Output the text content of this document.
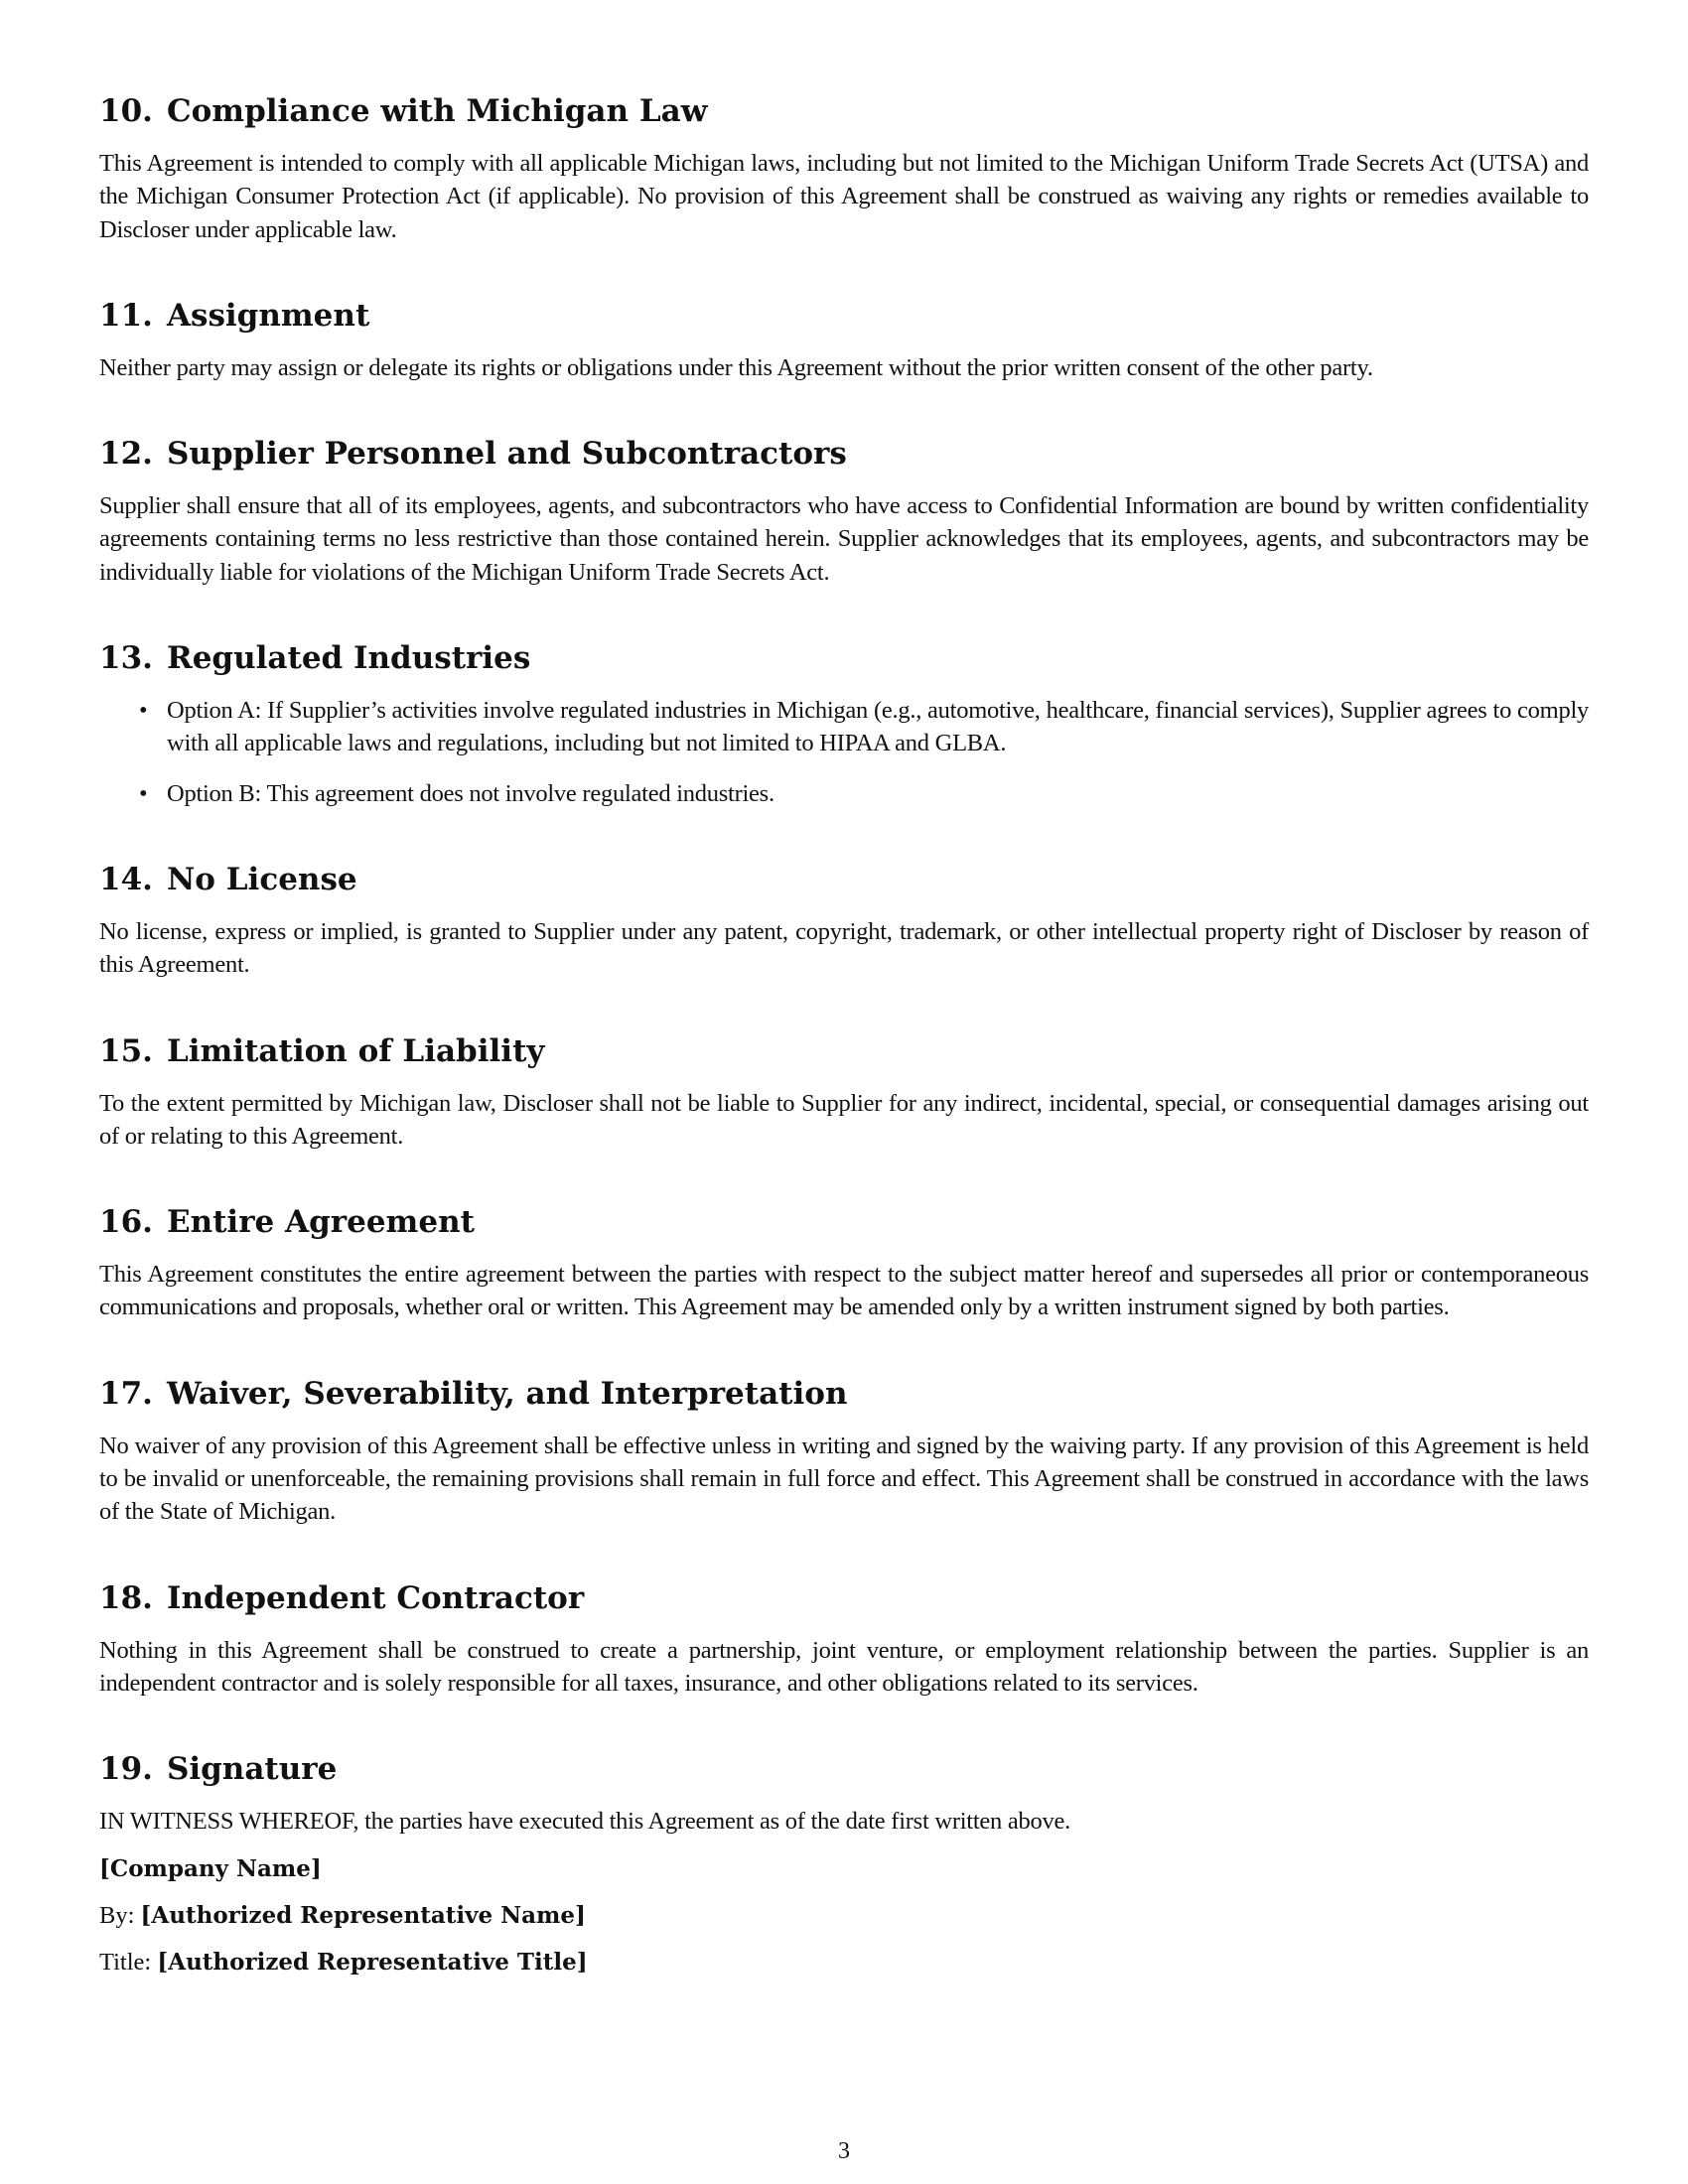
10. Compliance with Michigan Law

This Agreement is intended to comply with all applicable Michigan laws, including but not limited to the Michigan Uniform Trade Secrets Act (UTSA) and the Michigan Consumer Protection Act (if applicable). No provision of this Agreement shall be construed as waiving any rights or remedies available to Discloser under applicable law.

11. Assignment

Neither party may assign or delegate its rights or obligations under this Agreement without the prior written consent of the other party.

12. Supplier Personnel and Subcontractors

Supplier shall ensure that all of its employees, agents, and subcontractors who have access to Confidential Information are bound by written confidentiality agreements containing terms no less restrictive than those contained herein. Supplier acknowledges that its employees, agents, and subcontractors may be individually liable for violations of the Michigan Uniform Trade Secrets Act.

13. Regulated Industries
• Option A: If Supplier’s activities involve regulated industries in Michigan (e.g., automotive, healthcare, financial services), Supplier agrees to comply with all applicable laws and regulations, including but not limited to HIPAA and GLBA.
• Option B: This agreement does not involve regulated industries.
14. No License

No license, express or implied, is granted to Supplier under any patent, copyright, trademark, or other intellectual property right of Discloser by reason of this Agreement.

15. Limitation of Liability

To the extent permitted by Michigan law, Discloser shall not be liable to Supplier for any indirect, incidental, special, or consequential damages arising out of or relating to this Agreement.

16. Entire Agreement

This Agreement constitutes the entire agreement between the parties with respect to the subject matter hereof and supersedes all prior or contemporaneous communications and proposals, whether oral or written. This Agreement may be amended only by a written instrument signed by both parties.

17. Waiver, Severability, and Interpretation

No waiver of any provision of this Agreement shall be effective unless in writing and signed by the waiving party. If any provision of this Agreement is held to be invalid or unenforceable, the remaining provisions shall remain in full force and effect. This Agreement shall be construed in accordance with the laws of the State of Michigan.

18. Independent Contractor

Nothing in this Agreement shall be construed to create a partnership, joint venture, or employment relationship between the parties. Supplier is an independent contractor and is solely responsible for all taxes, insurance, and other obligations related to its services.

19. Signature

IN WITNESS WHEREOF, the parties have executed this Agreement as of the date first written above.

[Company Name]

By: [Authorized Representative Name]

Title: [Authorized Representative Title]

3
